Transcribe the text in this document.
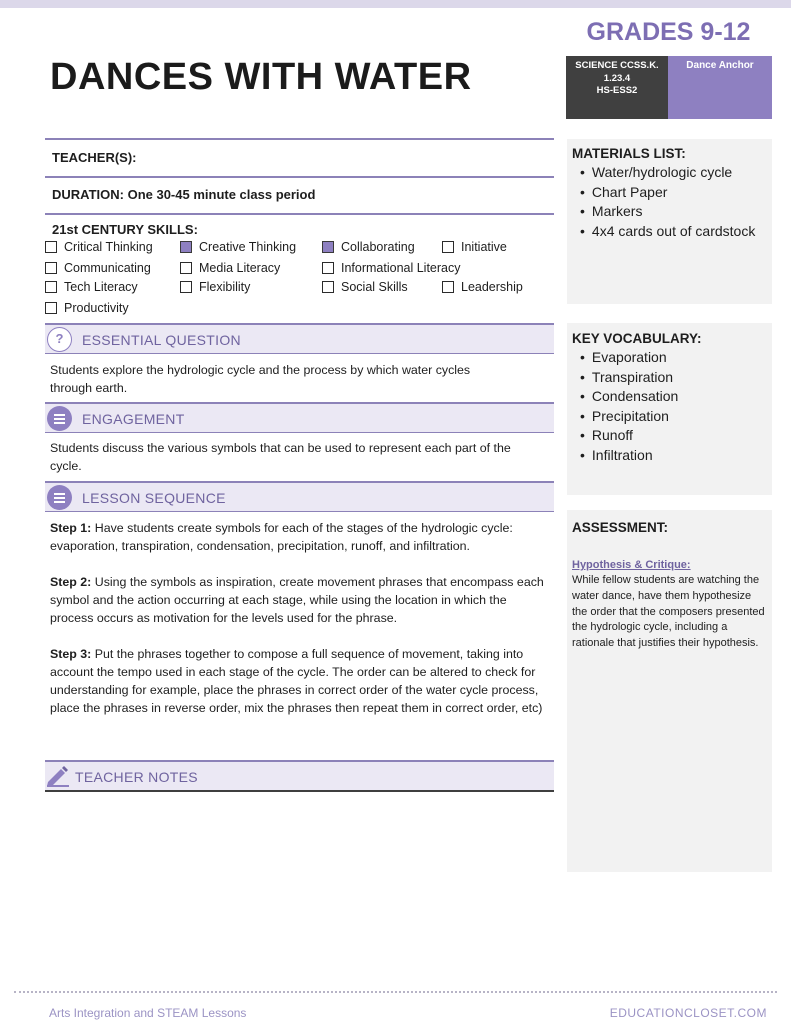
DANCES WITH WATER
GRADES 9-12
SCIENCE CCSS.K.
1.23.4
HS-ESS2
Dance Anchor
TEACHER(S):
DURATION: One 30-45 minute class period
21st CENTURY SKILLS:
Critical Thinking	Creative Thinking	Collaborating	Initiative
Communicating	Media Literacy	Informational Literacy
Tech Literacy	Flexibility	Social Skills	Leadership
Productivity
?	ESSENTIAL QUESTION
Students explore the hydrologic cycle and the process by which water cycles through earth.
ENGAGEMENT
Students discuss the various symbols that can be used to represent each part of the cycle.
LESSON SEQUENCE
Step 1: Have students create symbols for each of the stages of the hydrologic cycle: evaporation, transpiration, condensation, precipitation, runoff, and infiltration.
Step 2: Using the symbols as inspiration, create movement phrases that encompass each symbol and the action occurring at each stage, while using the location in which the process occurs as motivation for the levels used for the phrase.
Step 3: Put the phrases together to compose a full sequence of movement, taking into account the tempo used in each stage of the cycle. The order can be altered to check for understanding for example, place the phrases in correct order of the water cycle process, place the phrases in reverse order, mix the phrases then repeat them in correct order, etc)
TEACHER NOTES
MATERIALS LIST:
• Water/hydrologic cycle
• Chart Paper
• Markers
• 4x4 cards out of cardstock
KEY VOCABULARY:
• Evaporation
• Transpiration
• Condensation
• Precipitation
• Runoff
• Infiltration
ASSESSMENT:
Hypothesis & Critique:
While fellow students are watching the water dance, have them hypothesize the order that the composers presented the hydrologic cycle, including a rationale that justifies their hypothesis.
Arts Integration and STEAM Lessons	EDUCATIONCLOSET.COM
